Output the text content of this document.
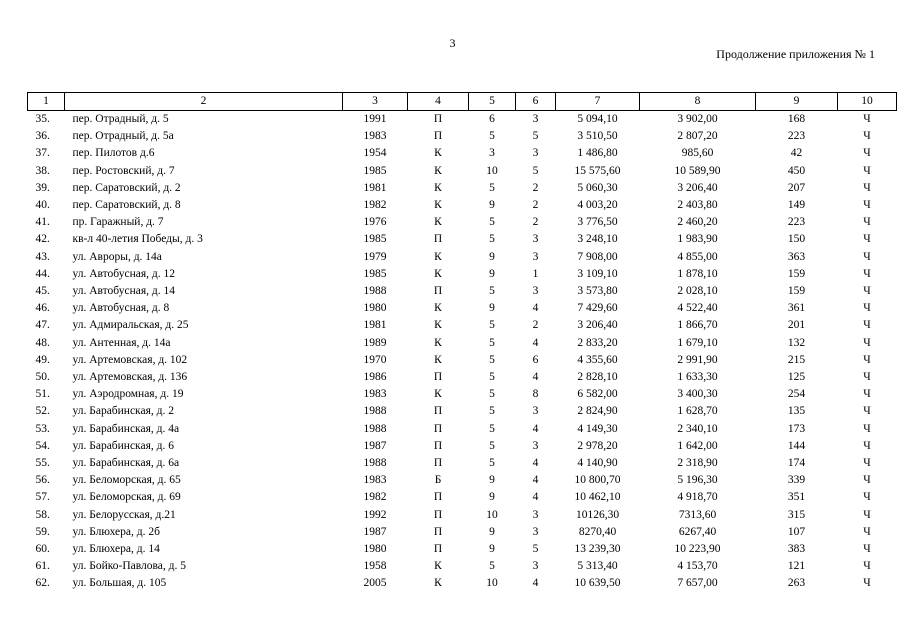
3
Продолжение приложения № 1
1	2	3	4	5	6	7	8	9	10
35.	пер. Отрадный, д. 5	1991	П	6	3	5 094,10	3 902,00	168	Ч
36.	пер. Отрадный, д. 5а	1983	П	5	5	3 510,50	2 807,20	223	Ч
37.	пер. Пилотов д.6	1954	К	3	3	1 486,80	985,60	42	Ч
38.	пер. Ростовский, д. 7	1985	К	10	5	15 575,60	10 589,90	450	Ч
39.	пер. Саратовский, д. 2	1981	К	5	2	5 060,30	3 206,40	207	Ч
40.	пер. Саратовский, д. 8	1982	К	9	2	4 003,20	2 403,80	149	Ч
41.	пр. Гаражный, д. 7	1976	К	5	2	3 776,50	2 460,20	223	Ч
42.	кв-л 40-летия Победы, д. 3	1985	П	5	3	3 248,10	1 983,90	150	Ч
43.	ул. Авроры, д. 14а	1979	К	9	3	7 908,00	4 855,00	363	Ч
44.	ул. Автобусная, д. 12	1985	К	9	1	3 109,10	1 878,10	159	Ч
45.	ул. Автобусная, д. 14	1988	П	5	3	3 573,80	2 028,10	159	Ч
46.	ул. Автобусная, д. 8	1980	К	9	4	7 429,60	4 522,40	361	Ч
47.	ул. Адмиральская, д. 25	1981	К	5	2	3 206,40	1 866,70	201	Ч
48.	ул. Антенная, д. 14а	1989	К	5	4	2 833,20	1 679,10	132	Ч
49.	ул. Артемовская, д. 102	1970	К	5	6	4 355,60	2 991,90	215	Ч
50.	ул. Артемовская, д. 136	1986	П	5	4	2 828,10	1 633,30	125	Ч
51.	ул. Аэродромная, д. 19	1983	К	5	8	6 582,00	3 400,30	254	Ч
52.	ул. Барабинская, д. 2	1988	П	5	3	2 824,90	1 628,70	135	Ч
53.	ул. Барабинская, д. 4а	1988	П	5	4	4 149,30	2 340,10	173	Ч
54.	ул. Барабинская, д. 6	1987	П	5	3	2 978,20	1 642,00	144	Ч
55.	ул. Барабинская, д. 6а	1988	П	5	4	4 140,90	2 318,90	174	Ч
56.	ул. Беломорская, д. 65	1983	Б	9	4	10 800,70	5 196,30	339	Ч
57.	ул. Беломорская, д. 69	1982	П	9	4	10 462,10	4 918,70	351	Ч
58.	ул. Белорусская, д.21	1992	П	10	3	10126,30	7313,60	315	Ч
59.	ул. Блюхера, д. 2б	1987	П	9	3	8270,40	6267,40	107	Ч
60.	ул. Блюхера, д. 14	1980	П	9	5	13 239,30	10 223,90	383	Ч
61.	ул. Бойко-Павлова, д. 5	1958	К	5	3	5 313,40	4 153,70	121	Ч
62.	ул. Большая, д. 105	2005	К	10	4	10 639,50	7 657,00	263	Ч
